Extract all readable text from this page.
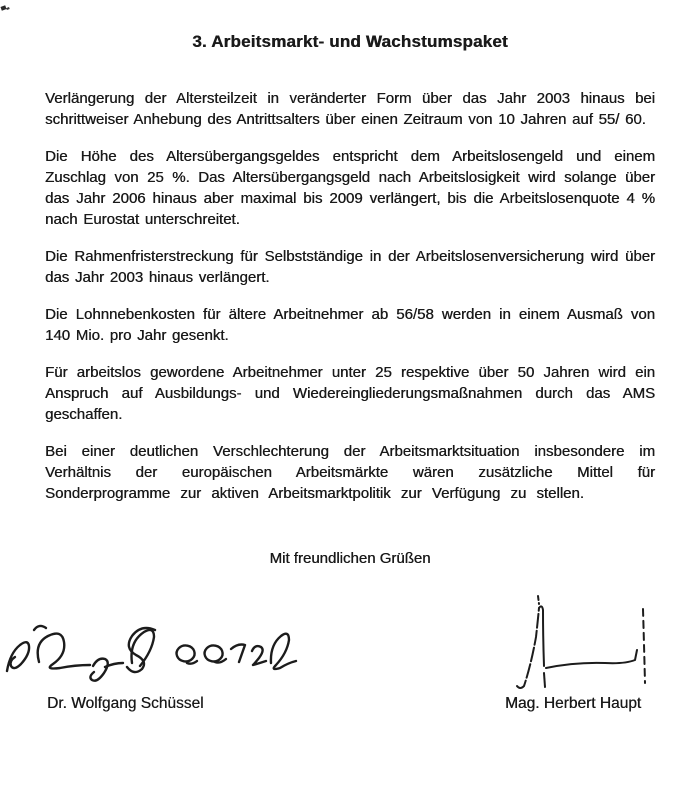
3. Arbeitsmarkt- und Wachstumspaket

Verlängerung der Altersteilzeit in veränderter Form über das Jahr 2003 hinaus bei schrittweiser Anhebung des Antrittsalters über einen Zeitraum von 10 Jahren auf 55/ 60.

Die Höhe des Altersübergangsgeldes entspricht dem Arbeitslosengeld und einem Zuschlag von 25 %. Das Altersübergangsgeld nach Arbeitslosigkeit wird solange über das Jahr 2006 hinaus aber maximal bis 2009 verlängert, bis die Arbeitslosenquote 4 % nach Eurostat unterschreitet.

Die Rahmenfristerstreckung für Selbstständige in der Arbeitslosenversicherung wird über das Jahr 2003 hinaus verlängert.

Die Lohnnebenkosten für ältere Arbeitnehmer ab 56/58 werden in einem Ausmaß von 140 Mio. pro Jahr gesenkt.

Für arbeitslos gewordene Arbeitnehmer unter 25 respektive über 50 Jahren wird ein Anspruch auf Ausbildungs- und Wiedereingliederungsmaßnahmen durch das AMS geschaffen.

Bei einer deutlichen Verschlechterung der Arbeitsmarktsituation insbesondere im Verhältnis der europäischen Arbeitsmärkte wären zusätzliche Mittel für Sonderprogramme zur aktiven Arbeitsmarktpolitik zur Verfügung zu stellen.

Mit freundlichen Grüßen
Dr. Wolfgang Schüssel	Mag. Herbert Haupt
